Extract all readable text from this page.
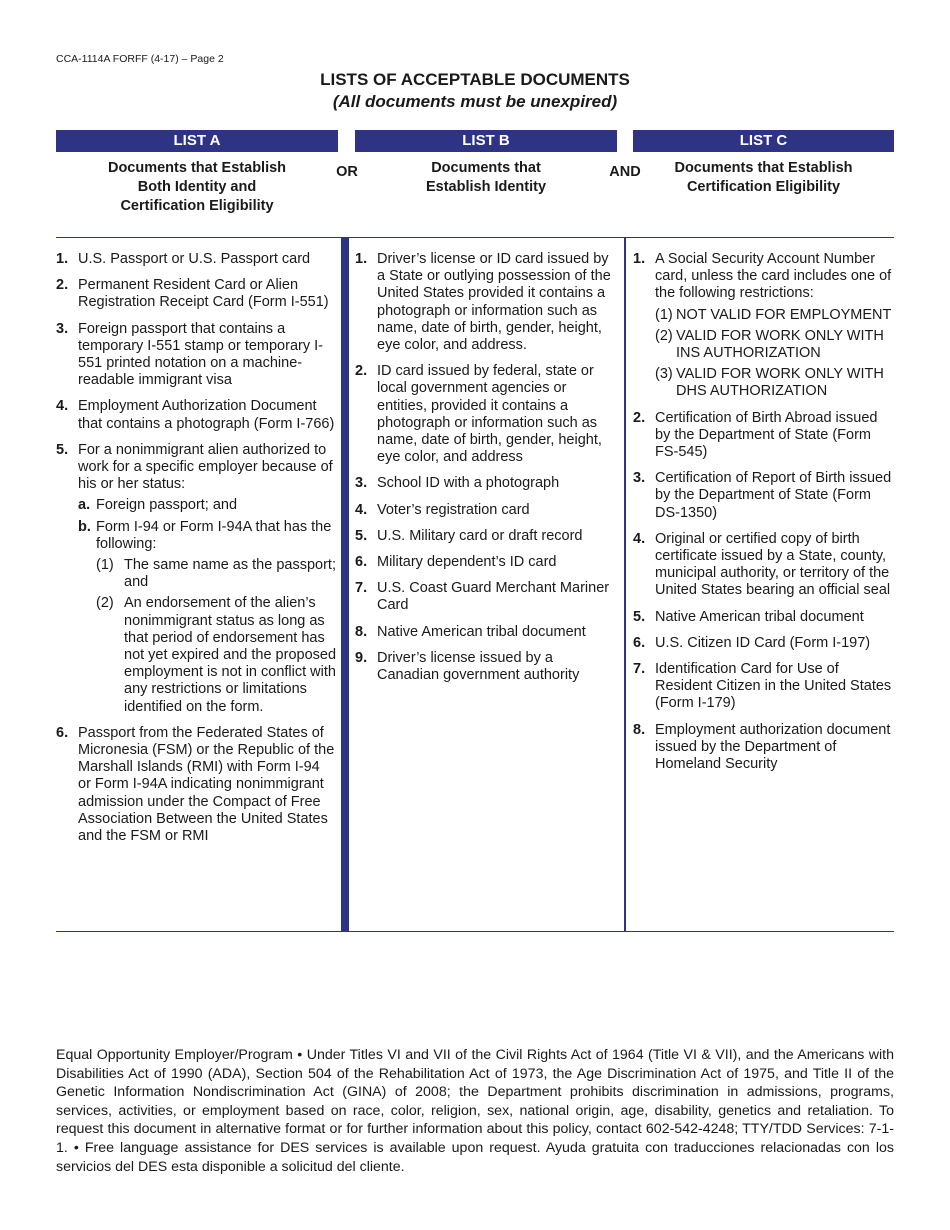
CCA-1114A FORFF (4-17) – Page 2
LISTS OF ACCEPTABLE DOCUMENTS
(All documents must be unexpired)
LIST A	LIST B	LIST C
Documents that Establish
Both Identity and
Certification Eligibility
OR	Documents that
Establish Identity
AND	Documents that Establish
Certification Eligibility
1. U.S. Passport or U.S. Passport card
2. Permanent Resident Card or Alien Registration Receipt Card (Form I-551)
3. Foreign passport that contains a temporary I-551 stamp or temporary I-551 printed notation on a machine-readable immigrant visa
4. Employment Authorization Document that contains a photograph (Form I-766)
5. For a nonimmigrant alien authorized to work for a specific employer because of his or her status:
a. Foreign passport; and
b. Form I-94 or Form I-94A that has the following:
(1) The same name as the passport; and
(2) An endorsement of the alien’s nonimmigrant status as long as that period of endorsement has not yet expired and the proposed employment is not in conflict with any restrictions or limitations identified on the form.
6. Passport from the Federated States of Micronesia (FSM) or the Republic of the Marshall Islands (RMI) with Form I-94 or Form I-94A indicating nonimmigrant admission under the Compact of Free Association Between the United States and the FSM or RMI
1. Driver’s license or ID card issued by a State or outlying possession of the United States provided it contains a photograph or information such as name, date of birth, gender, height, eye color, and address.
2. ID card issued by federal, state or local government agencies or entities, provided it contains a photograph or information such as name, date of birth, gender, height, eye color, and address
3. School ID with a photograph
4. Voter’s registration card
5. U.S. Military card or draft record
6. Military dependent’s ID card
7. U.S. Coast Guard Merchant Mariner Card
8. Native American tribal document
9. Driver’s license issued by a Canadian government authority
1. A Social Security Account Number card, unless the card includes one of the following restrictions:
(1) NOT VALID FOR EMPLOYMENT
(2) VALID FOR WORK ONLY WITH INS AUTHORIZATION
(3) VALID FOR WORK ONLY WITH DHS AUTHORIZATION
2. Certification of Birth Abroad issued by the Department of State (Form FS-545)
3. Certification of Report of Birth issued by the Department of State (Form DS-1350)
4. Original or certified copy of birth certificate issued by a State, county, municipal authority, or territory of the United States bearing an official seal
5. Native American tribal document
6. U.S. Citizen ID Card (Form I-197)
7. Identification Card for Use of Resident Citizen in the United States (Form I-179)
8. Employment authorization document issued by the Department of Homeland Security
Equal Opportunity Employer/Program • Under Titles VI and VII of the Civil Rights Act of 1964 (Title VI & VII), and the Americans with Disabilities Act of 1990 (ADA), Section 504 of the Rehabilitation Act of 1973, the Age Discrimination Act of 1975, and Title II of the Genetic Information Nondiscrimination Act (GINA) of 2008; the Department prohibits discrimination in admissions, programs, services, activities, or employment based on race, color, religion, sex, national origin, age, disability, genetics and retaliation. To request this document in alternative format or for further information about this policy, contact 602-542-4248; TTY/TDD Services: 7-1-1. • Free language assistance for DES services is available upon request. Ayuda gratuita con traducciones relacionadas con los servicios del DES esta disponible a solicitud del cliente.
